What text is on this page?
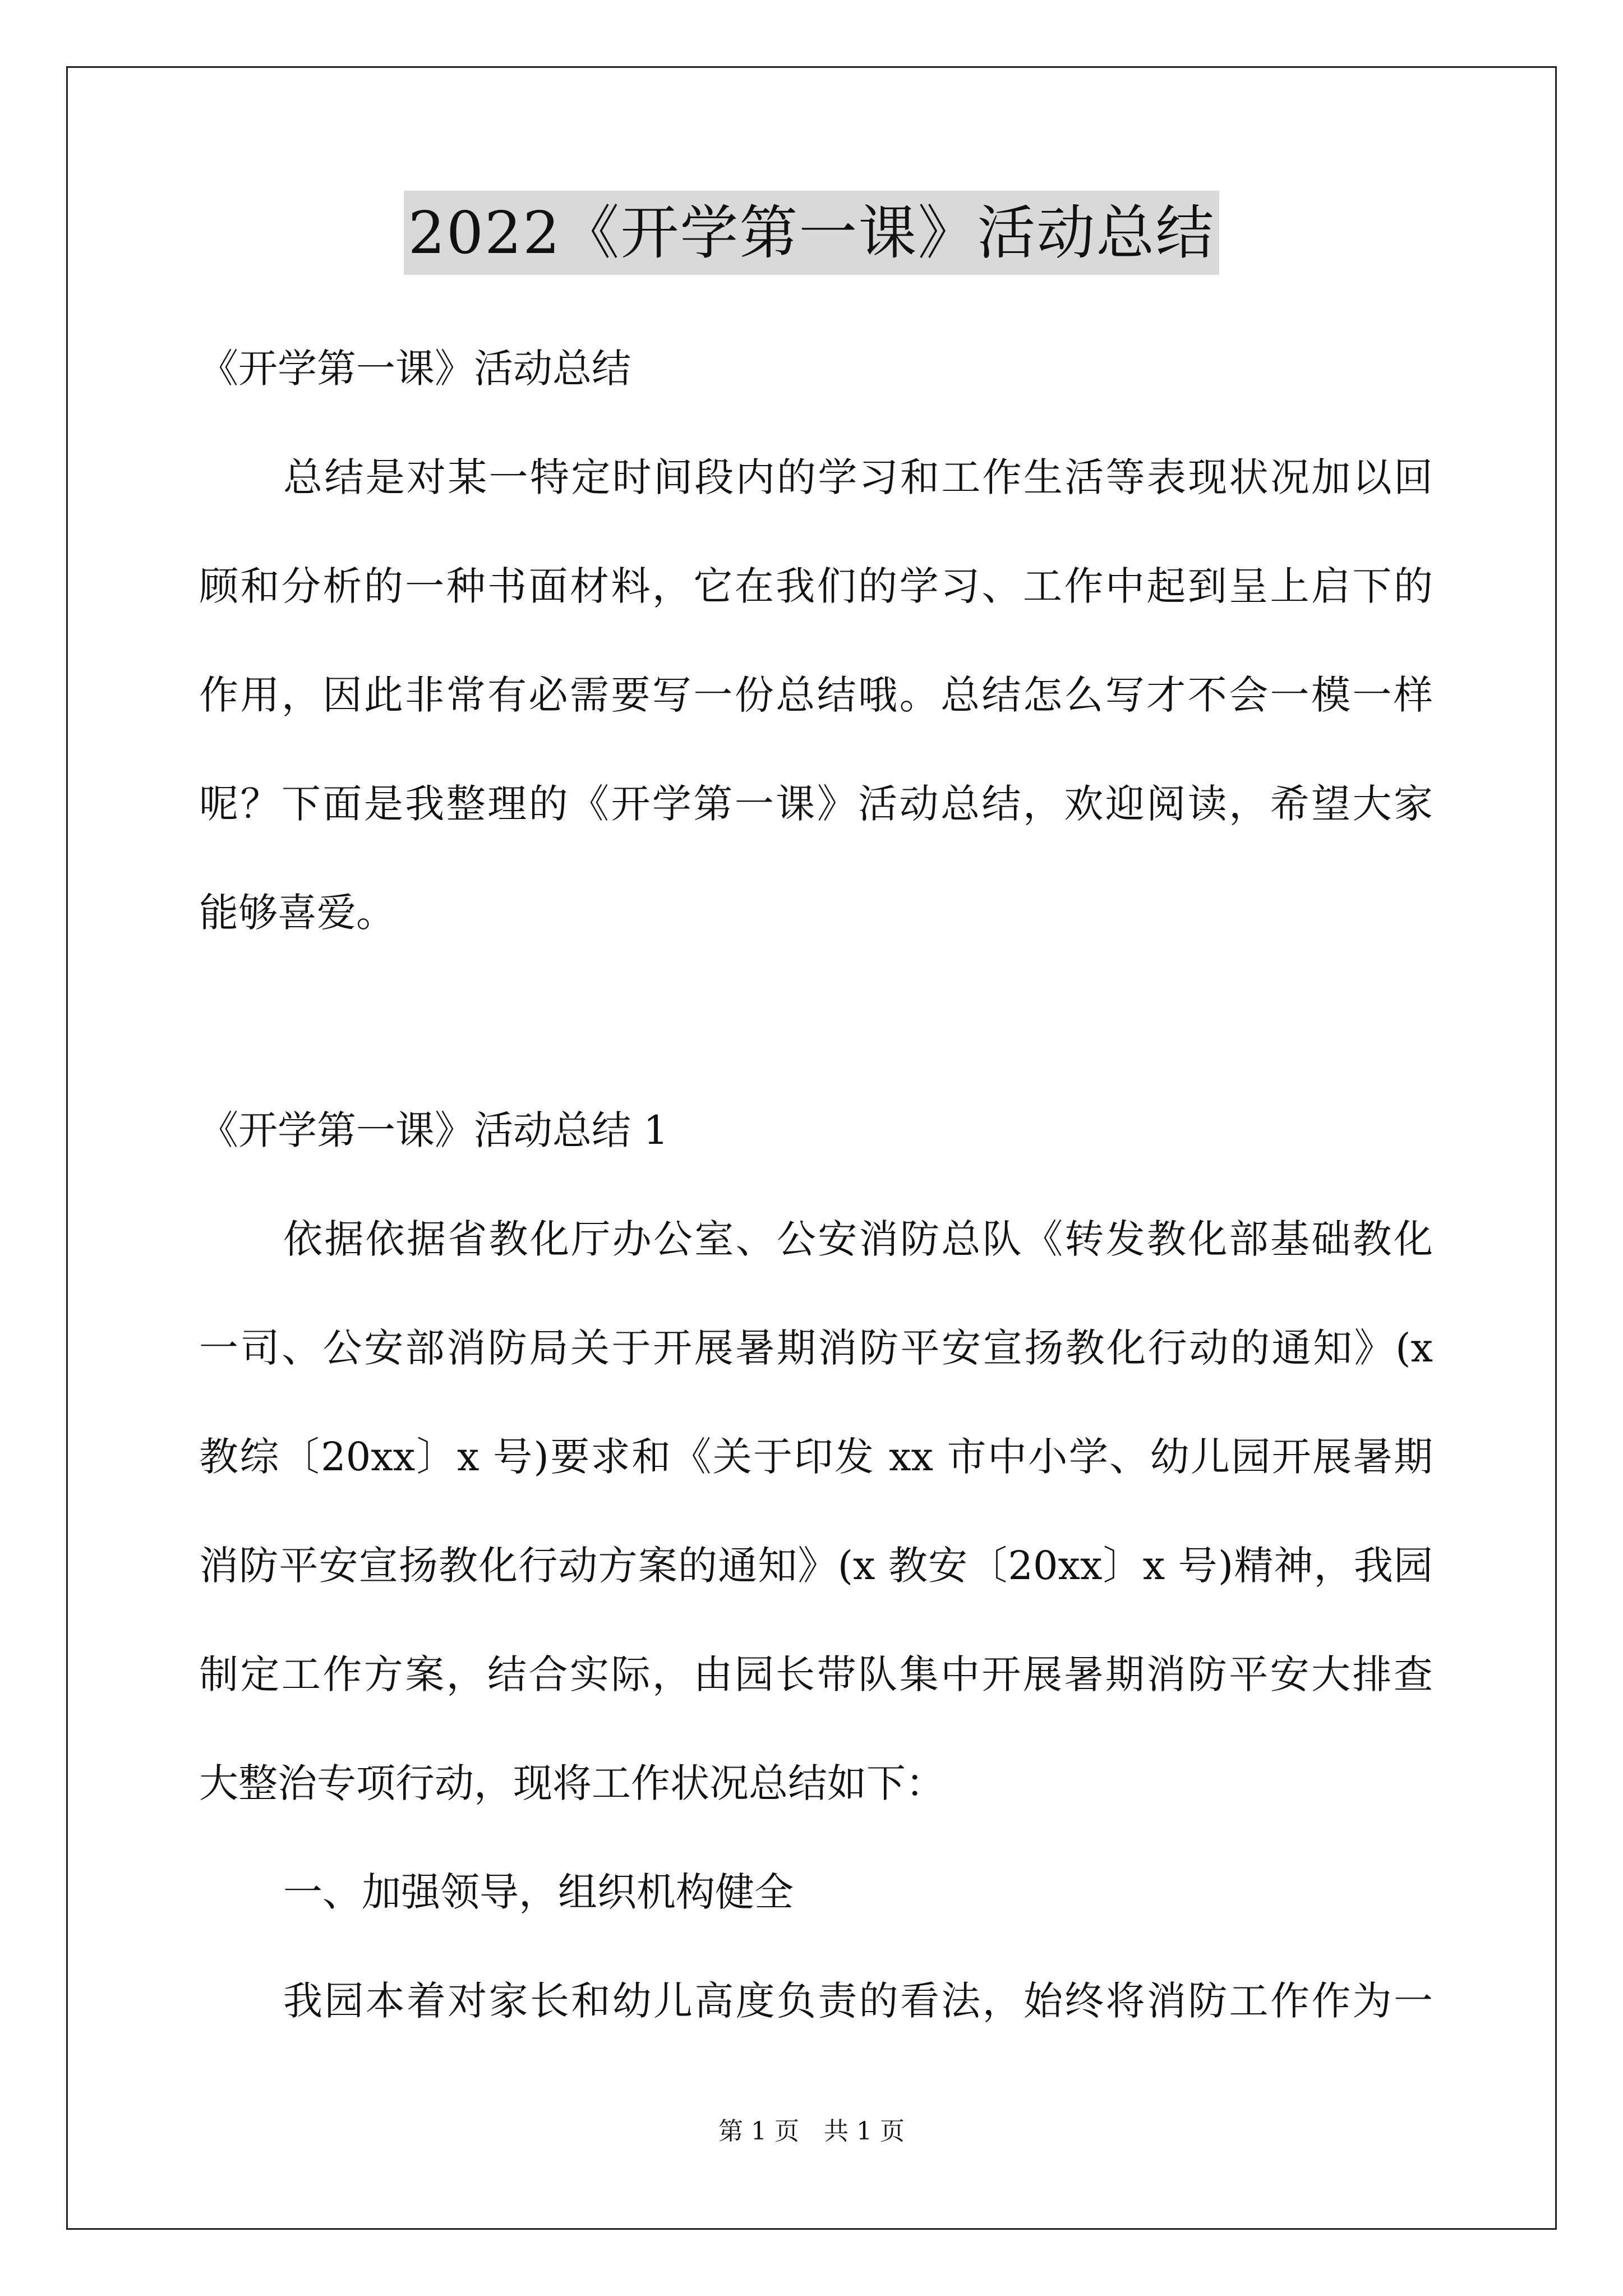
2022《开学第一课》活动总结
《开学第一课》活动总结
总结是对某一特定时间段内的学习和工作生活等表现状况加以回
顾和分析的一种书面材料，它在我们的学习、工作中起到呈上启下的
作用，因此非常有必需要写一份总结哦。总结怎么写才不会一模一样
呢？下面是我整理的《开学第一课》活动总结，欢迎阅读，希望大家
能够喜爱。
《开学第一课》活动总结 1
依据依据省教化厅办公室、公安消防总队《转发教化部基础教化
一司、公安部消防局关于开展暑期消防平安宣扬教化行动的通知》(x
教综〔20xx〕x 号)要求和《关于印发 xx 市中小学、幼儿园开展暑期
消防平安宣扬教化行动方案的通知》(x 教安〔20xx〕x 号)精神，我园
制定工作方案，结合实际，由园长带队集中开展暑期消防平安大排查
大整治专项行动，现将工作状况总结如下：
一、加强领导，组织机构健全
我园本着对家长和幼儿高度负责的看法，始终将消防工作作为一
第 1 页　共 1 页
